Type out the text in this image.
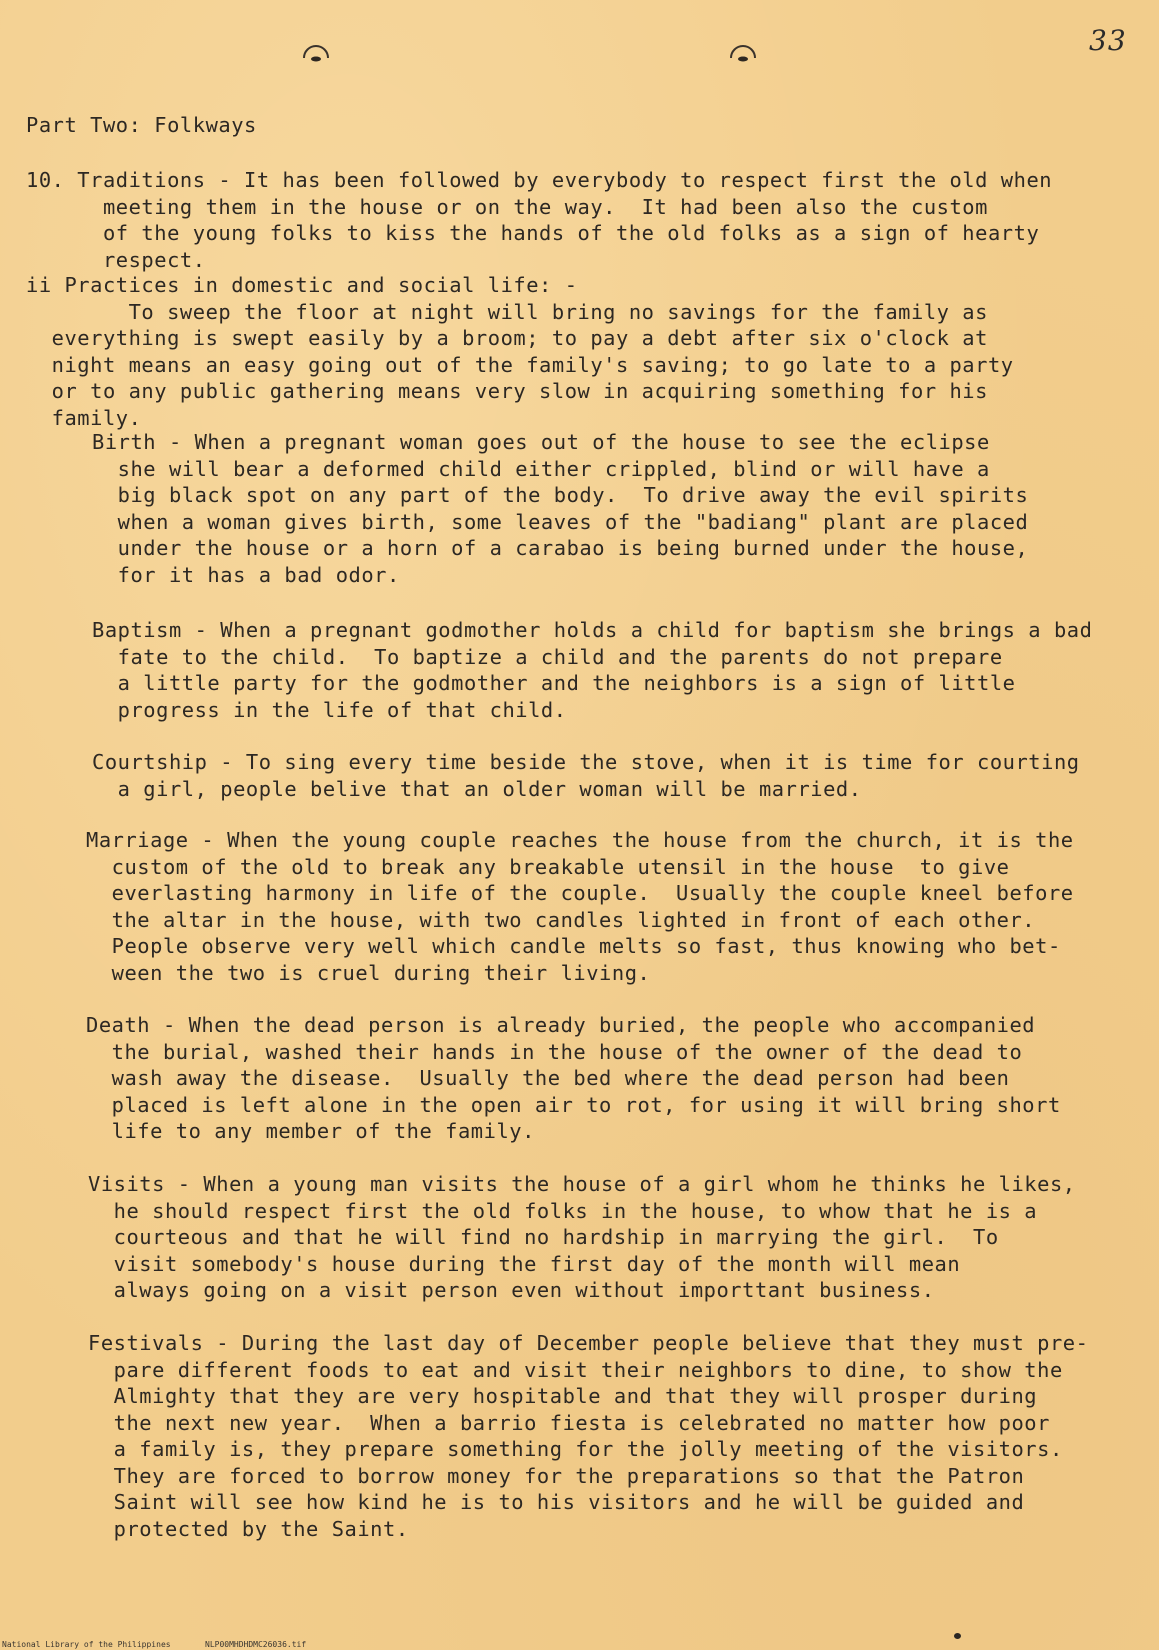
33
Part Two: Folkways
10. Traditions - It has been followed by everybody to respect first the old when
meeting them in the house or on the way.  It had been also the custom
of the young folks to kiss the hands of the old folks as a sign of hearty
respect.
ii Practices in domestic and social life: -
To sweep the floor at night will bring no savings for the family as
everything is swept easily by a broom; to pay a debt after six o'clock at
night means an easy going out of the family's saving; to go late to a party
or to any public gathering means very slow in acquiring something for his
family.
Birth - When a pregnant woman goes out of the house to see the eclipse
she will bear a deformed child either crippled, blind or will have a
big black spot on any part of the body.  To drive away the evil spirits
when a woman gives birth, some leaves of the "badiang" plant are placed
under the house or a horn of a carabao is being burned under the house,
for it has a bad odor.
Baptism - When a pregnant godmother holds a child for baptism she brings a bad
fate to the child.  To baptize a child and the parents do not prepare
a little party for the godmother and the neighbors is a sign of little
progress in the life of that child.
Courtship - To sing every time beside the stove, when it is time for courting
a girl, people belive that an older woman will be married.
Marriage - When the young couple reaches the house from the church, it is the
custom of the old to break any breakable utensil in the house  to give
everlasting harmony in life of the couple.  Usually the couple kneel before
the altar in the house, with two candles lighted in front of each other.
People observe very well which candle melts so fast, thus knowing who bet-
ween the two is cruel during their living.
Death - When the dead person is already buried, the people who accompanied
the burial, washed their hands in the house of the owner of the dead to
wash away the disease.  Usually the bed where the dead person had been
placed is left alone in the open air to rot, for using it will bring short
life to any member of the family.
Visits - When a young man visits the house of a girl whom he thinks he likes,
he should respect first the old folks in the house, to whow that he is a
courteous and that he will find no hardship in marrying the girl.  To
visit somebody's house during the first day of the month will mean
always going on a visit person even without importtant business.
Festivals - During the last day of December people believe that they must pre-
pare different foods to eat and visit their neighbors to dine, to show the
Almighty that they are very hospitable and that they will prosper during
the next new year.  When a barrio fiesta is celebrated no matter how poor
a family is, they prepare something for the jolly meeting of the visitors.
They are forced to borrow money for the preparations so that the Patron
Saint will see how kind he is to his visitors and he will be guided and
protected by the Saint.
National Library of the Philippines	NLP00MHDHDMC26036.tif
